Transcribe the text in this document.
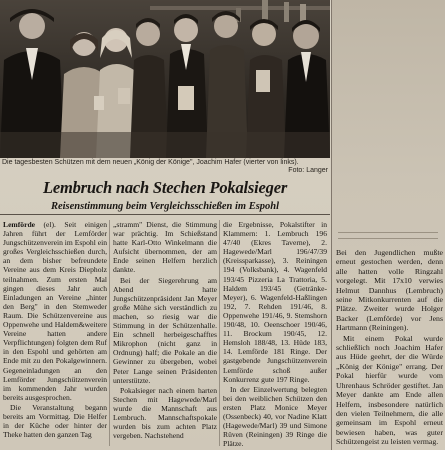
Die tagesbesten Schützen mit dem neuen „König der Könige", Joachim Hafer (vierter von links).
Foto: Langer
Lembruch nach Stechen Pokalsieger
Reisenstimmung beim Vergleichsschießen im Espohl

Lemförde (el). Seit einigen Jahren führt der Lemförder Jungschützenverein im Espohl ein großes Vergleichsschießen durch, an dem bisher befreundete Vereine aus dem Kreis Diepholz teilnahmen. Zum ersten Mal gingen dieses Jahr auch Einladungen an Vereine „hinter den Berg" in den Stemweder Raum. Die Schützenvereine aus Oppenwehe und Haldem&weitere Vereine hatten andere Verpflichtungen) folgten dem Ruf in den Espohl und gehörten am Ende mit zu den Pokalgewinnern. Gegeneinladungen an den Lemförder Jungschützenverein im kommenden Jahr wurden bereits ausgesprochen.

Die Veranstaltung begann bereits am Vormittag. Die Helfer in der Küche oder hinter der Theke hatten den ganzen Tag

„stramm" Dienst, die Stimmung war prächtig. Im Schießstand hatte Karl-Otto Winkelmann die Aufsicht übernommen, der am Ende seinen Helfern herzlich dankte.

Bei der Siegerehrung am Abend hatte Jungschützenpräsident Jan Meyer große Mühe sich verständlich zu machen, so riesig war die Stimmung in der Schützenhalle. Ein schnell herbeigeschafftes Mikrophon (nicht ganz in Ordnung) half; die Pokale an die Gewinner zu übergeben, wobei Peter Lange seinen Präsidenten unterstützte.

Pokalsieger nach einem harten Stechen mit Hagewede/Marl wurde die Mannschaft aus Lembruch. Mannschaftspokale wurden bis zum achten Platz vergeben. Nachstehend

die Ergebnisse, Pokalstifter in Klammern: 1. Lembruch 196 47/40 (Ekres Taverne), 2. Hagewede/Marl 196/47/39 (Kreissparkasse), 3. Reiningen 194 (Volksbank), 4. Wagenfeld 193/45 Pizzeria La Trattoria, 5. Haldem 193/45 (Getränke-Meyer), 6. Wagenfeld-Haßlingen 192, 7. Rehden 191/46, 8. Oppenwehe 191/46, 9. Stemshorn 190/48, 10. Oeenschoer 190/46, 11. Brockum 190/45, 12. Hemsloh 188/48, 13. Hüde 183, 14. Lemförde 181 Ringe. Der gastgebende Jungschützenverein Lemförde schoß außer Konkurrenz gute 197 Ringe.

In der Einzelwertung belegten bei den weiblichen Schützen den ersten Platz Monice Meyer (Ossenbeck) 40, vor Nadine Klatt (Hagewede/Marl) 39 und Simone Rüven (Reiningen) 39 Ringe die Plätze.

Bei den Jugendlichen mußte erneut gestochen werden, denn alle hatten volle Ringzahl vorgelegt. Mit 17x10 verwies Helmut Dannhus (Lembruch) seine Mitkonkurrenten auf die Plätze. Zweiter wurde Holger Backer (Lemförde) vor Jens Hartmann (Reiningen).

Mit einem Pokal wurde schließlich noch Joachim Hafer aus Hüde geehrt, der die Würde „König der Könige" errang. Der Pokal hierfür wurde vom Uhrenhaus Schröder gestiftet. Jan Meyer dankte am Ende allen Helfern, insbesondere natürlich den vielen Teilnehmern, die alle gemeinsam im Espohl erneut bewiesen haben, was guter Schützengeist zu leisten vermag.
